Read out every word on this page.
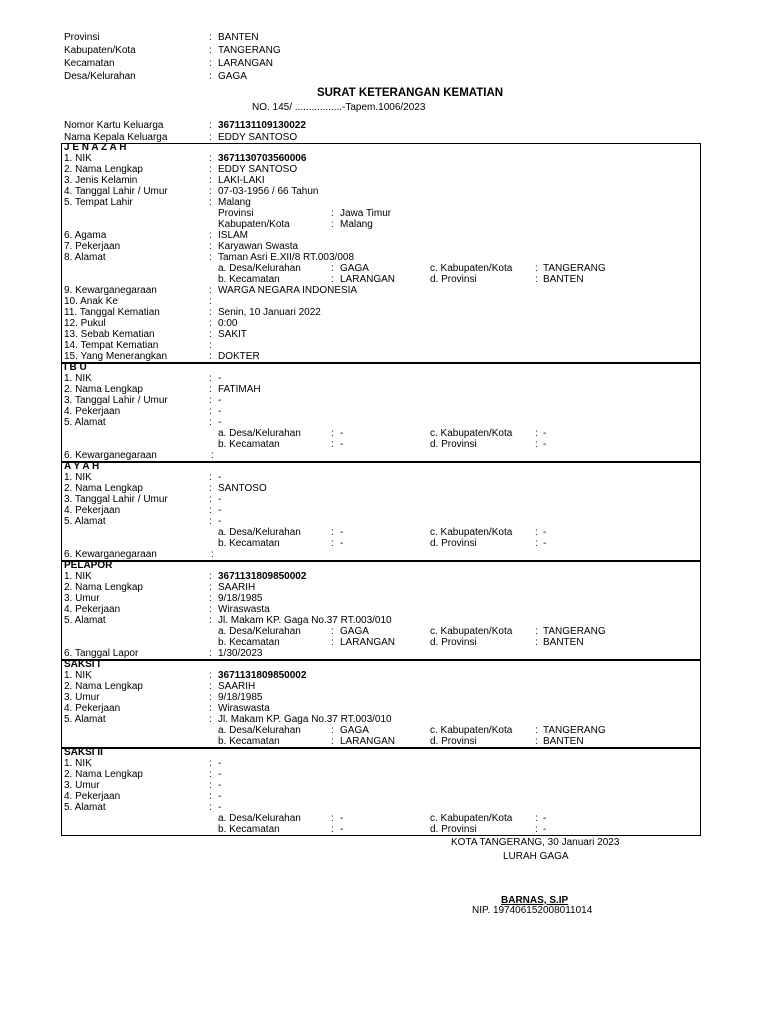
J E N A Z A H
1. NIK	: 3671130703560006
2. Nama Lengkap	: EDDY SANTOSO
3. Jenis Kelamin	: LAKI-LAKI
4. Tanggal Lahir / Umur	: 07-03-1956 / 66 Tahun
5. Tempat Lahir	: Malang
Provinsi	: Jawa Timur
Kabupaten/Kota	: Malang
6. Agama	: ISLAM
7. Pekerjaan	: Karyawan Swasta
8. Alamat	: Taman Asri E.XII/8 RT.003/008
a. Desa/Kelurahan	: GAGA	c. Kabupaten/Kota : TANGERANG
b. Kecamatan	: LARANGAN	d. Provinsi	: BANTEN
9. Kewarganegaraan	: WARGA NEGARA INDONESIA
10. Anak Ke	:
11. Tanggal Kematian	: Senin, 10 Januari 2022
12. Pukul	: 0:00
13. Sebab Kematian	: SAKIT
14. Tempat Kematian	:
15. Yang Menerangkan	: DOKTER
I B U
1. NIK	: -
2. Nama Lengkap	: FATIMAH
3. Tanggal Lahir / Umur	: -
4. Pekerjaan	: -
5. Alamat	: -
a. Desa/Kelurahan	: -	c. Kabupaten/Kota : -
b. Kecamatan	: -	d. Provinsi	: -
6. Kewarganegaraan	:
A Y A H
1. NIK	: -
2. Nama Lengkap	: SANTOSO
3. Tanggal Lahir / Umur	: -
4. Pekerjaan	: -
5. Alamat	: -
a. Desa/Kelurahan	: -	c. Kabupaten/Kota : -
b. Kecamatan	: -	d. Provinsi	: -
6. Kewarganegaraan	:
PELAPOR
1. NIK	: 3671131809850002
2. Nama Lengkap	: SAARIH
3. Umur	: 9/18/1985
4. Pekerjaan	: Wiraswasta
5. Alamat	: Jl. Makam KP. Gaga No.37 RT.003/010
a. Desa/Kelurahan	: GAGA	c. Kabupaten/Kota : TANGERANG
b. Kecamatan	: LARANGAN	d. Provinsi	: BANTEN
6. Tanggal Lapor	: 1/30/2023
SAKSI I
1. NIK	: 3671131809850002
2. Nama Lengkap	: SAARIH
3. Umur	: 9/18/1985
4. Pekerjaan	: Wiraswasta
5. Alamat	: Jl. Makam KP. Gaga No.37 RT.003/010
a. Desa/Kelurahan	: GAGA	c. Kabupaten/Kota : TANGERANG
b. Kecamatan	: LARANGAN	d. Provinsi	: BANTEN
SAKSI II
1. NIK	: -
2. Nama Lengkap	: -
3. Umur	: -
4. Pekerjaan	: -
5. Alamat	: -
a. Desa/Kelurahan	: -	c. Kabupaten/Kota : -
b. Kecamatan	: -	d. Provinsi	: -
Provinsi	: BANTEN
Kabupaten/Kota	: TANGERANG
Kecamatan	: LARANGAN
Desa/Kelurahan	: GAGA
SURAT KETERANGAN KEMATIAN
NO. 145/ .................-Tapem.1006/2023
Nomor Kartu Keluarga	: 3671131109130022
Nama Kepala Keluarga	: EDDY SANTOSO
KOTA TANGERANG, 30 Januari 2023
LURAH GAGA
BARNAS, S.IP
NIP. 197406152008011014
